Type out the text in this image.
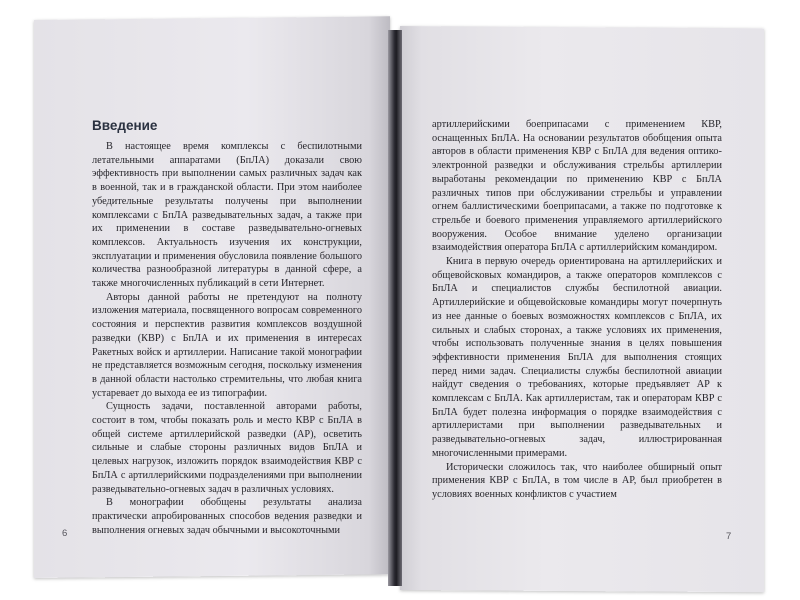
Введение

В настоящее время комплексы с беспилотными летательными аппаратами (БпЛА) доказали свою эффективность при выполнении самых различных задач как в военной, так и в гражданской области. При этом наиболее убедительные результаты получены при выполнении комплексами с БпЛА разведывательных задач, а также при их применении в составе разведывательно-огневых комплексов. Актуальность изучения их конструкции, эксплуатации и применения обусловила появление большого количества разнообразной литературы в данной сфере, а также многочисленных публикаций в сети Интернет.

Авторы данной работы не претендуют на полноту изложения материала, посвященного вопросам современного состояния и перспектив развития комплексов воздушной разведки (КВР) с БпЛА и их применения в интересах Ракетных войск и артиллерии. Написание такой монографии не представляется возможным сегодня, поскольку изменения в данной области настолько стремительны, что любая книга устаревает до выхода ее из типографии.

Сущность задачи, поставленной авторами работы, состоит в том, чтобы показать роль и место КВР с БпЛА в общей системе артиллерийской разведки (АР), осветить сильные и слабые стороны различных видов БпЛА и целевых нагрузок, изложить порядок взаимодействия КВР с БпЛА с артиллерийскими подразделениями при выполнении разведывательно-огневых задач в различных условиях.

В монографии обобщены результаты анализа практически апробированных способов ведения разведки и выполнения огневых задач обычными и высокоточными

артиллерийскими боеприпасами с применением КВР, оснащенных БпЛА. На основании результатов обобщения опыта авторов в области применения КВР с БпЛА для ведения оптико-электронной разведки и обслуживания стрельбы артиллерии выработаны рекомендации по применению КВР с БпЛА различных типов при обслуживании стрельбы и управлении огнем баллистическими боеприпасами, а также по подготовке к стрельбе и боевого применения управляемого артиллерийского вооружения. Особое внимание уделено организации взаимодействия оператора БпЛА с артиллерийским командиром.

Книга в первую очередь ориентирована на артиллерийских и общевойсковых командиров, а также операторов комплексов с БпЛА и специалистов службы беспилотной авиации. Артиллерийские и общевойсковые командиры могут почерпнуть из нее данные о боевых возможностях комплексов с БпЛА, их сильных и слабых сторонах, а также условиях их применения, чтобы использовать полученные знания в целях повышения эффективности применения БпЛА для выполнения стоящих перед ними задач. Специалисты службы беспилотной авиации найдут сведения о требованиях, которые предъявляет АР к комплексам с БпЛА. Как артиллеристам, так и операторам КВР с БпЛА будет полезна информация о порядке взаимодействия с артиллеристами при выполнении разведывательных и разведывательно-огневых задач, иллюстрированная многочисленными примерами.

Исторически сложилось так, что наиболее обширный опыт применения КВР с БпЛА, в том числе в АР, был приобретен в условиях военных конфликтов с участием

6	7
